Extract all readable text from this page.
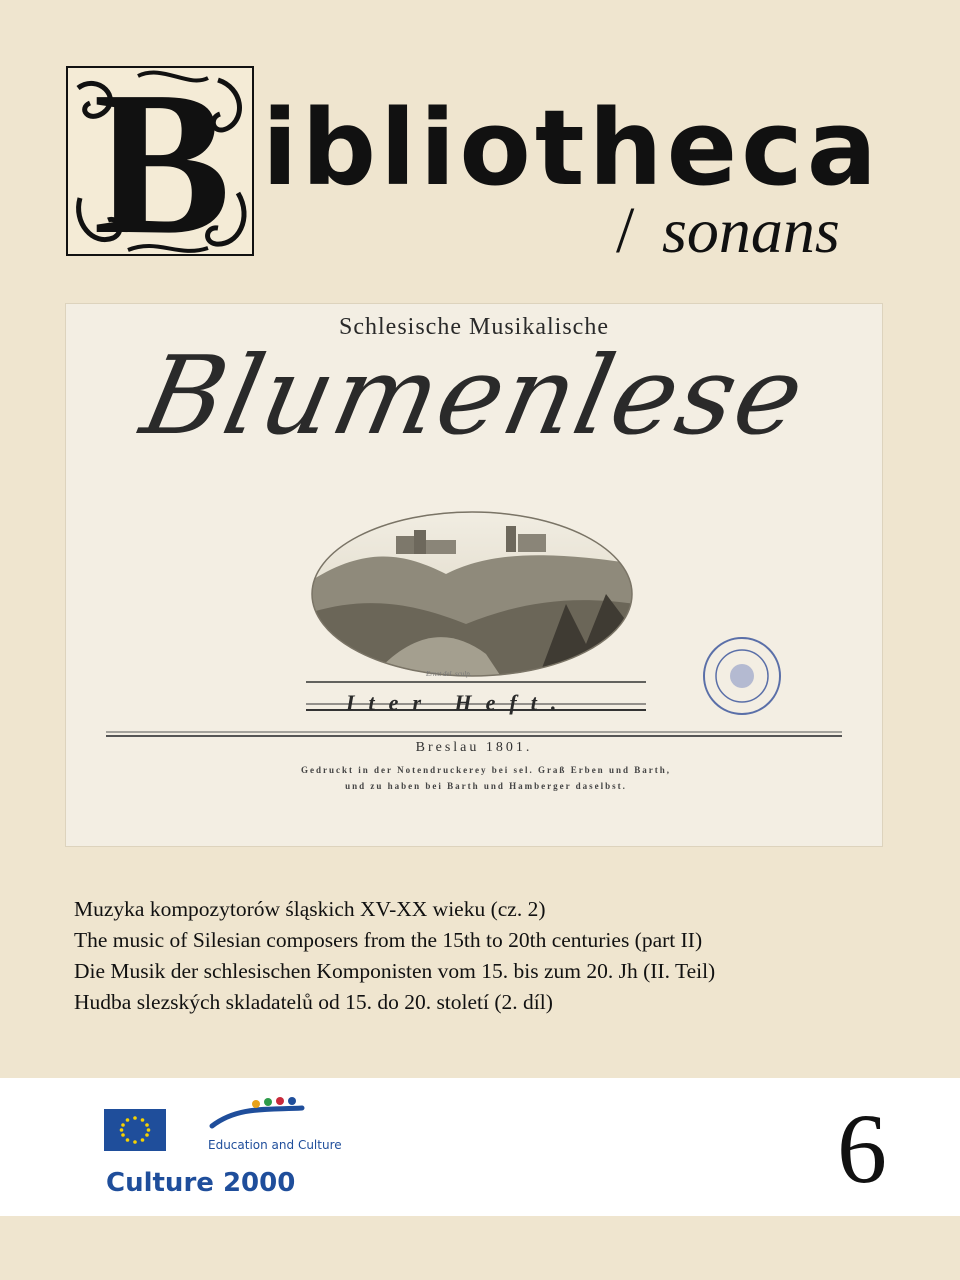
B ibliotheca
/ sonans
Schlesische Musikalische
Blumenlese
Ernst del. sculp.
Iter Heft.
Breslau 1801.
Gedruckt in der Notendruckerey bei sel. Graß Erben und Barth,
und zu haben bei Barth und Hamberger daselbst.
Muzyka kompozytorów śląskich XV-XX wieku (cz. 2)
The music of Silesian composers from the 15th to 20th centuries (part II)
Die Musik der schlesischen Komponisten vom 15. bis zum 20. Jh (II. Teil)
Hudba slezských skladatelů od 15. do 20. století (2. díl)
Education and Culture
Culture 2000	6
